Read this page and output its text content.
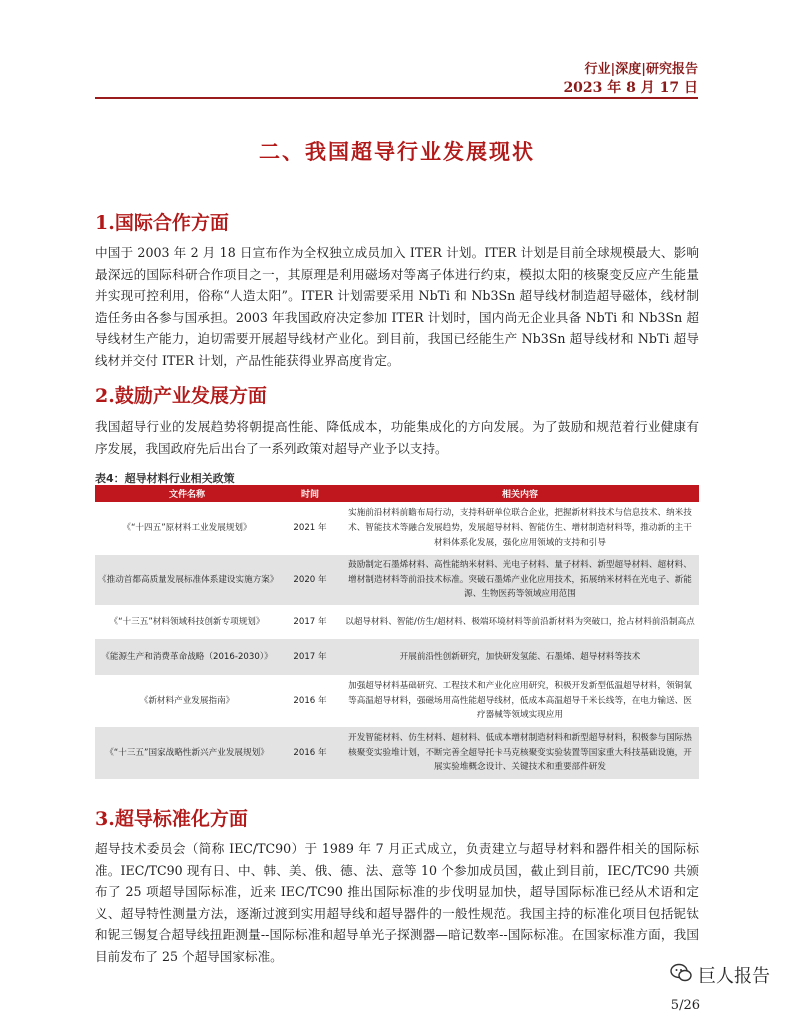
行业|深度|研究报告
2023 年 8 月 17 日
二、我国超导行业发展现状
1.国际合作方面
中国于 2003 年 2 月 18 日宣布作为全权独立成员加入 ITER 计划。ITER 计划是目前全球规模最大、影响最深远的国际科研合作项目之一，其原理是利用磁场对等离子体进行约束，模拟太阳的核聚变反应产生能量并实现可控利用，俗称“人造太阳”。ITER 计划需要采用 NbTi 和 Nb3Sn 超导线材制造超导磁体，线材制造任务由各参与国承担。2003 年我国政府决定参加 ITER 计划时，国内尚无企业具备 NbTi 和 Nb3Sn 超导线材生产能力，迫切需要开展超导线材产业化。到目前，我国已经能生产 Nb3Sn 超导线材和 NbTi 超导线材并交付 ITER 计划，产品性能获得业界高度肯定。
2.鼓励产业发展方面
我国超导行业的发展趋势将朝提高性能、降低成本，功能集成化的方向发展。为了鼓励和规范着行业健康有序发展，我国政府先后出台了一系列政策对超导产业予以支持。
表4：超导材料行业相关政策
文件名称	时间	相关内容
《“十四五”原材料工业发展规划》	2021 年	实施前沿材料前瞻布局行动，支持科研单位联合企业，把握新材料技术与信息技术、纳米技术、智能技术等融合发展趋势，发展超导材料、智能仿生、增材制造材料等，推动新的主干材料体系化发展，强化应用领域的支持和引导
《推动首都高质量发展标准体系建设实施方案》	2020 年	鼓励制定石墨烯材料、高性能纳米材料、光电子材料、量子材料、新型超导材料、超材料、增材制造材料等前沿技术标准。突破石墨烯产业化应用技术，拓展纳米材料在光电子、新能源、生物医药等领域应用范围
《“十三五”材料领域科技创新专项规划》	2017 年	以超导材料、智能/仿生/超材料、极端环境材料等前沿新材料为突破口，抢占材料前沿制高点
《能源生产和消费革命战略（2016-2030）》	2017 年	开展前沿性创新研究，加快研发氢能、石墨烯、超导材料等技术
《新材料产业发展指南》	2016 年	加强超导材料基础研究、工程技术和产业化应用研究，积极开发新型低温超导材料，领铜氧等高温超导材料，强磁场用高性能超导线材，低成本高温超导千米长线等，在电力输送、医疗器械等领域实现应用
《“十三五”国家战略性新兴产业发展规划》	2016 年	开发智能材料、仿生材料、超材料、低成本增材制造材料和新型超导材料，积极参与国际热核聚变实验堆计划，不断完善全超导托卡马克核聚变实验装置等国家重大科技基础设施，开展实验堆概念设计、关键技术和重要部件研发
3.超导标准化方面
超导技术委员会（简称 IEC/TC90）于 1989 年 7 月正式成立，负责建立与超导材料和器件相关的国际标准。IEC/TC90 现有日、中、韩、美、俄、德、法、意等 10 个参加成员国，截止到目前，IEC/TC90 共颁布了 25 项超导国际标准，近来 IEC/TC90 推出国际标准的步伐明显加快，超导国际标准已经从术语和定义、超导特性测量方法，逐渐过渡到实用超导线和超导器件的一般性规范。我国主持的标准化项目包括铌钛和铌三锡复合超导线扭距测量--国际标准和超导单光子探测器—暗记数率--国际标准。在国家标准方面，我国目前发布了 25 个超导国家标准。
巨人报告
5/26
